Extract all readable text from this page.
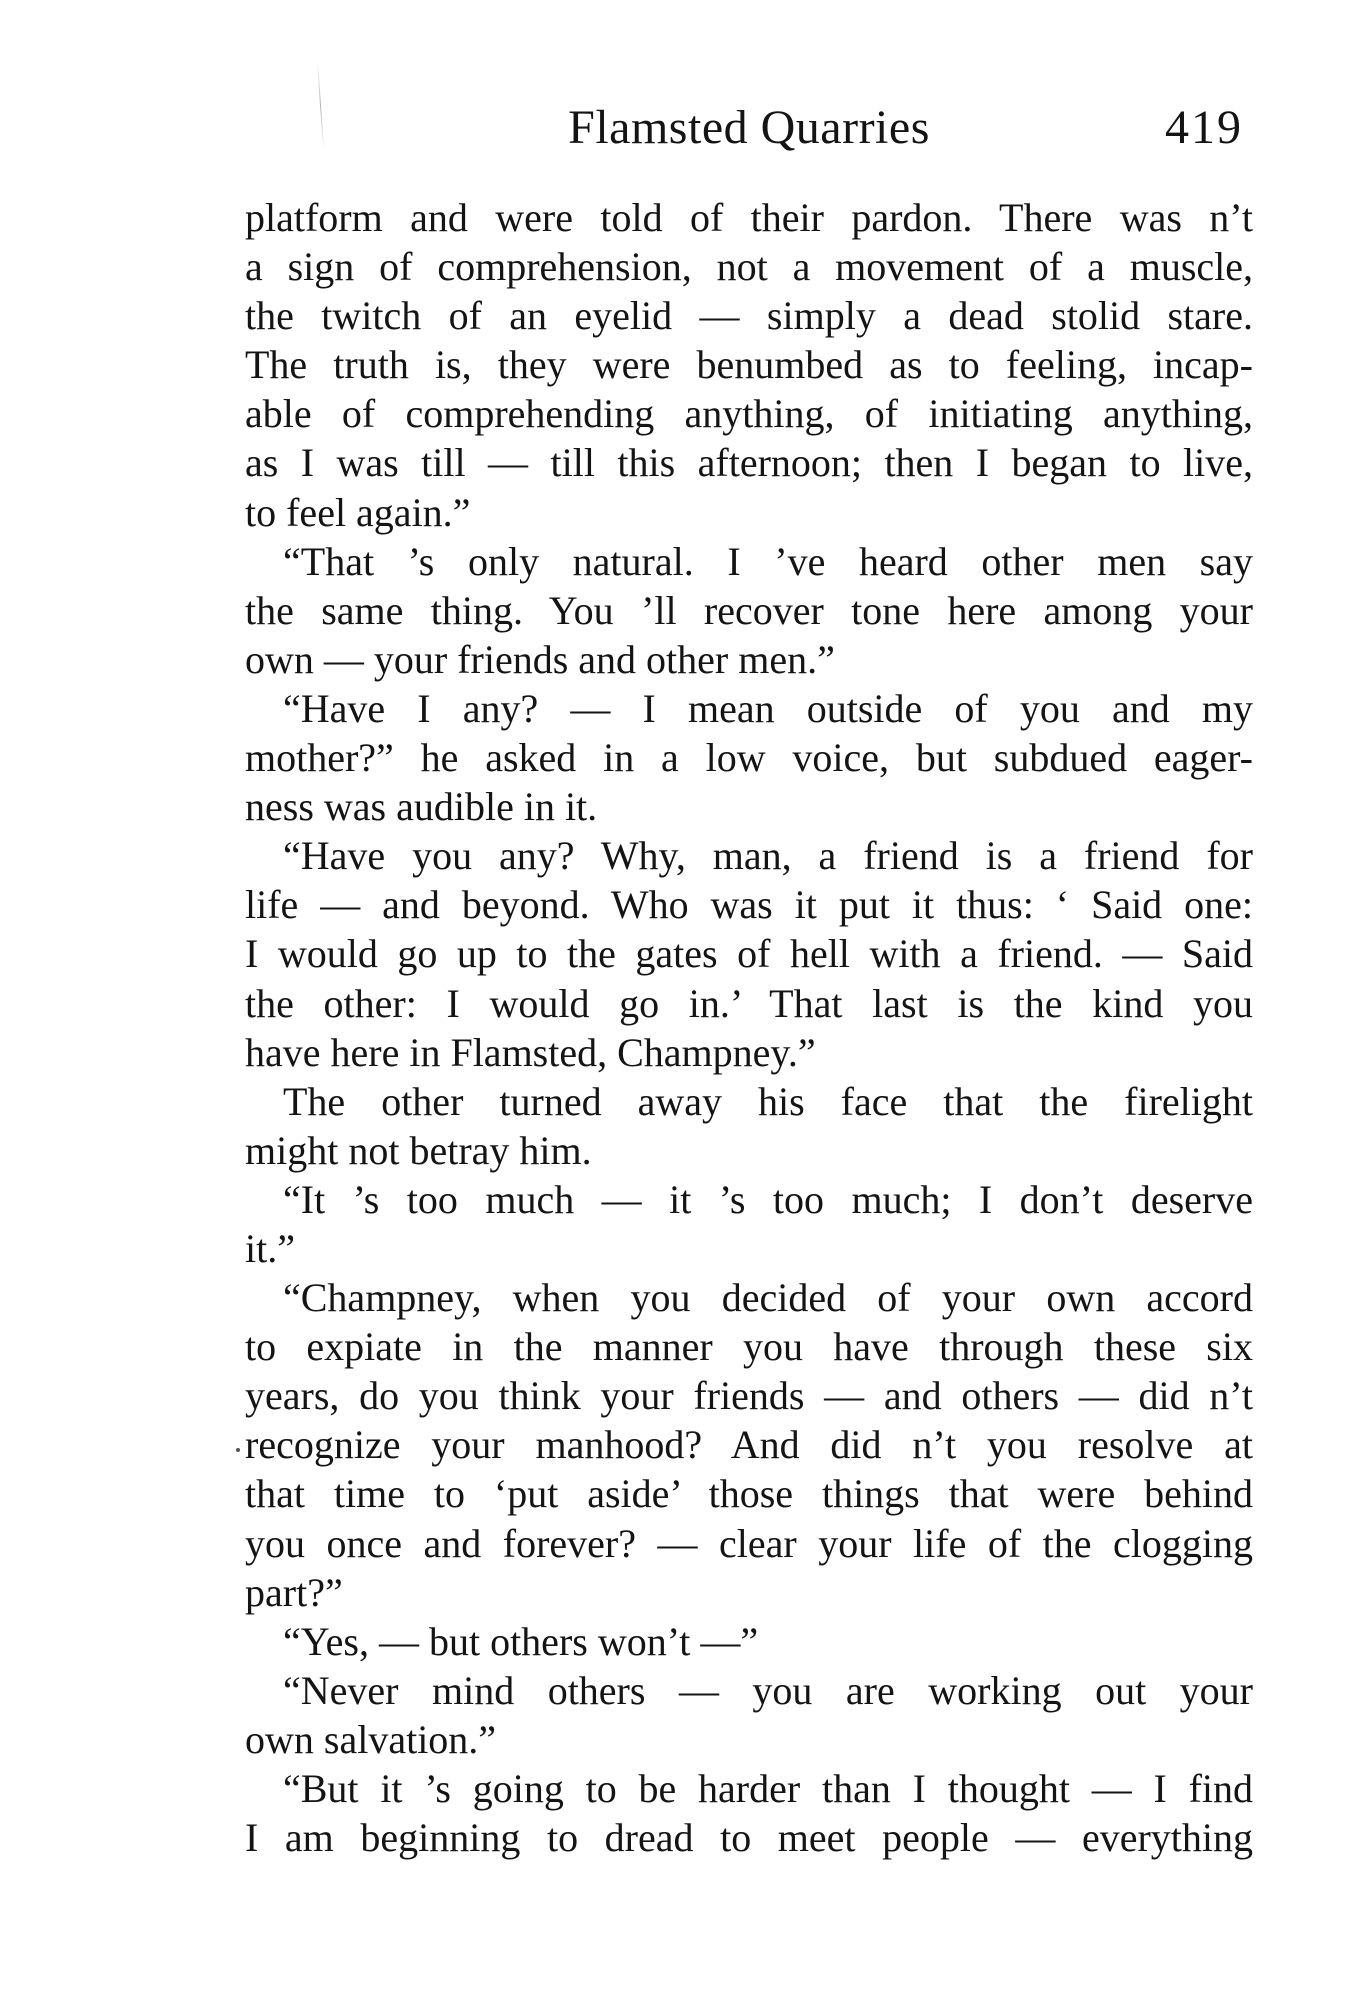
Flamsted Quarries	419
platform and were told of their pardon. There was n’t
a sign of comprehension, not a movement of a muscle,
the twitch of an eyelid — simply a dead stolid stare.
The truth is, they were benumbed as to feeling, incap-
able of comprehending anything, of initiating anything,
as I was till — till this afternoon; then I began to live,
to feel again.”
“That ’s only natural. I ’ve heard other men say
the same thing. You ’ll recover tone here among your
own — your friends and other men.”
“Have I any? — I mean outside of you and my
mother?” he asked in a low voice, but subdued eager-
ness was audible in it.
“Have you any? Why, man, a friend is a friend for
life — and beyond. Who was it put it thus: ‘ Said one:
I would go up to the gates of hell with a friend. — Said
the other: I would go in.’ That last is the kind you
have here in Flamsted, Champney.”
The other turned away his face that the firelight
might not betray him.
“It ’s too much — it ’s too much; I don’t deserve
it.”
“Champney, when you decided of your own accord
to expiate in the manner you have through these six
years, do you think your friends — and others — did n’t
recognize your manhood? And did n’t you resolve at
that time to ‘put aside’ those things that were behind
you once and forever? — clear your life of the clogging
part?”
“Yes, — but others won’t —”
“Never mind others — you are working out your
own salvation.”
“But it ’s going to be harder than I thought — I find
I am beginning to dread to meet people — everything
